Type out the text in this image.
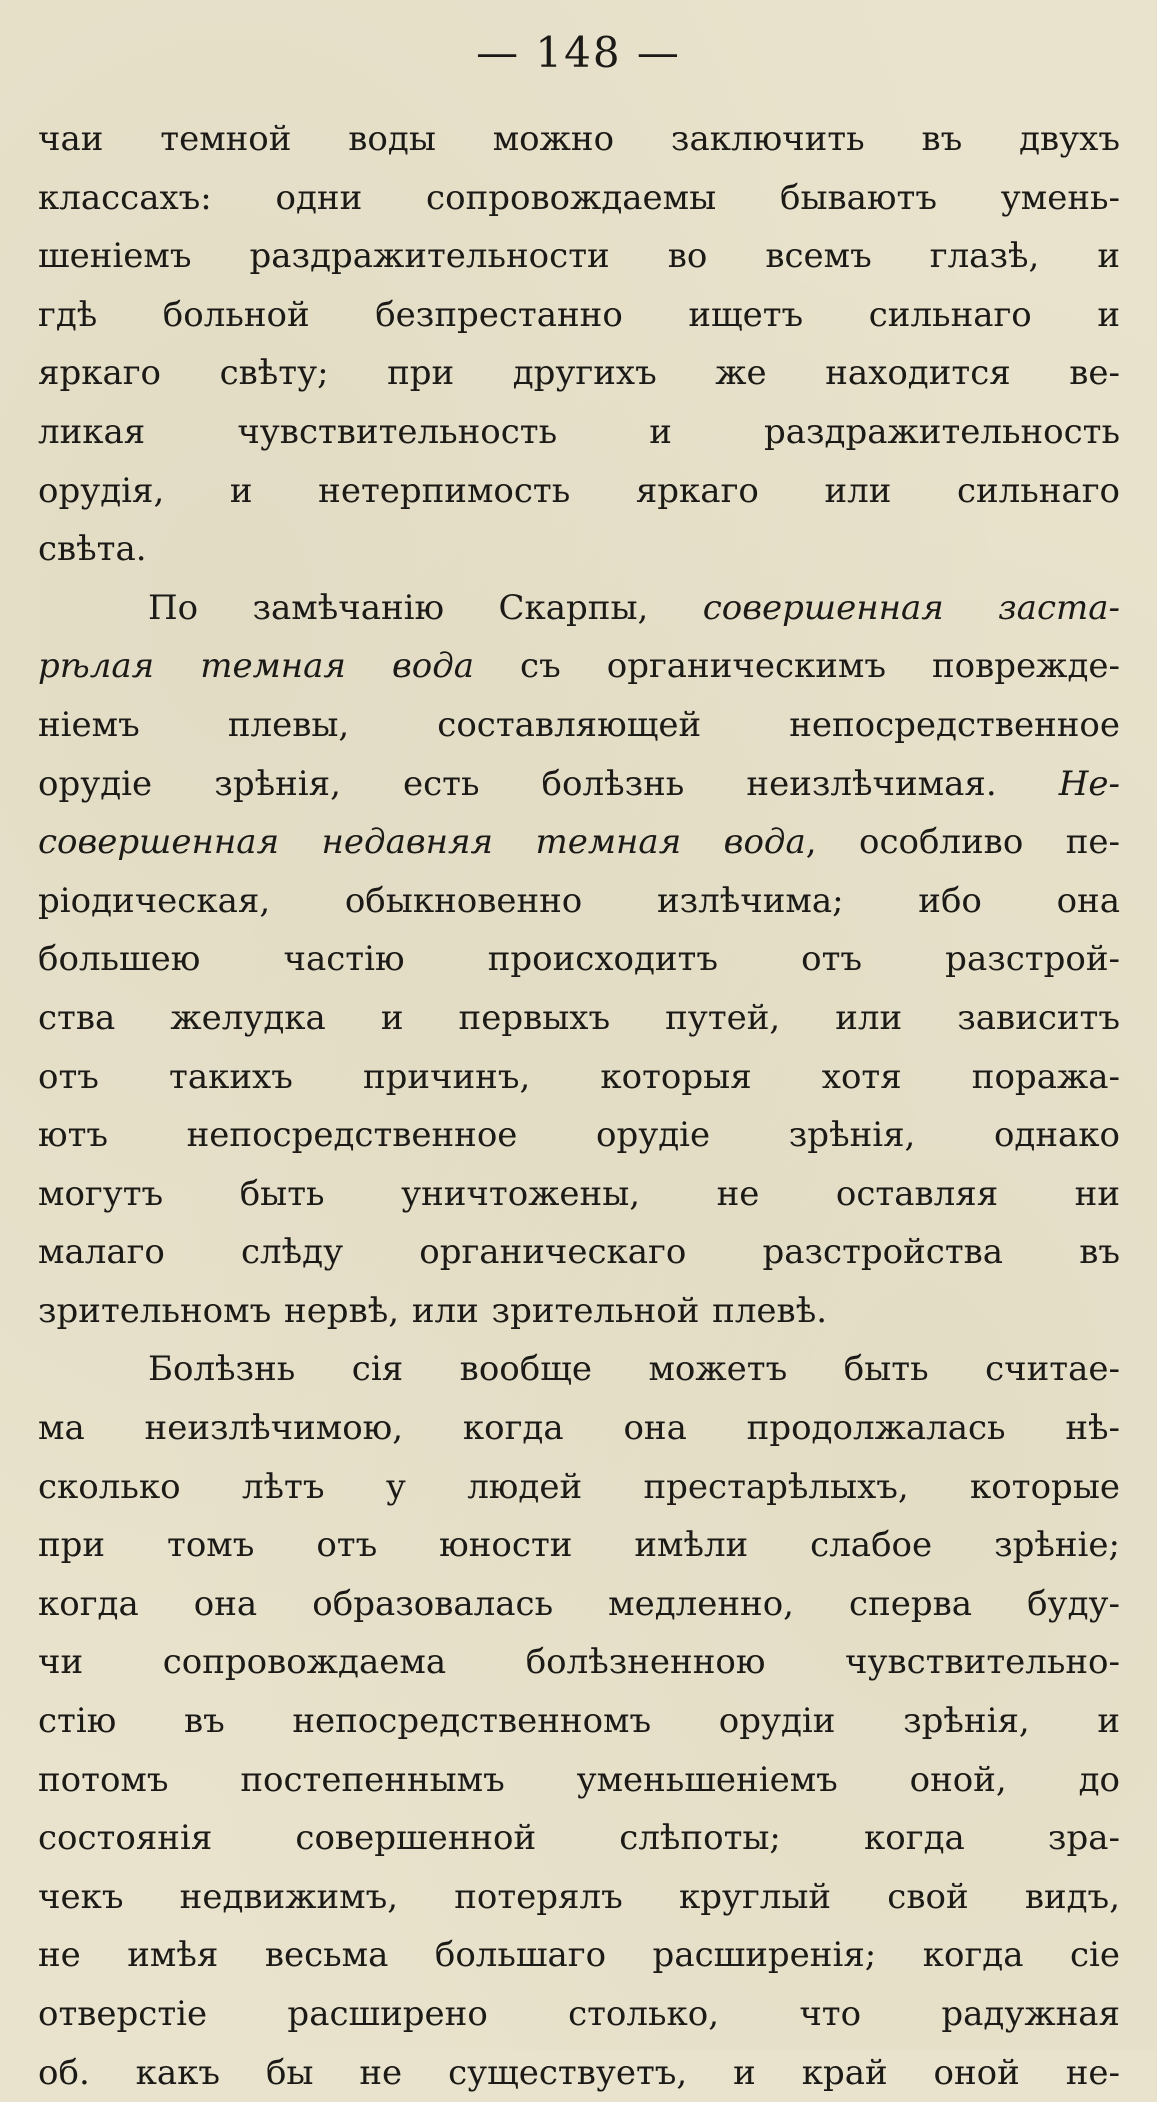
— 148 —
чаи темной воды можно заключить въ двухъ
классахъ: одни сопровождаемы бываютъ умень-
шеніемъ раздражительности во всемъ глазѣ, и
гдѣ больной безпрестанно ищетъ сильнаго и
яркаго свѣту; при другихъ же находится ве-
ликая чувствительность и раздражительность
орудія, и нетерпимость яркаго или сильнаго
свѣта.
По замѣчанію Скарпы, совершенная заста-
рѣлая темная вода съ органическимъ поврежде-
ніемъ плевы, составляющей непосредственное
орудіе зрѣнія, есть болѣзнь неизлѣчимая. Не-
совершенная недавняя темная вода, особливо пе-
ріодическая, обыкновенно излѣчима; ибо она
большею частію происходитъ отъ разстрой-
ства желудка и первыхъ путей, или зависитъ
отъ такихъ причинъ, которыя хотя поража-
ютъ непосредственное орудіе зрѣнія, однако
могутъ быть уничтожены, не оставляя ни
малаго слѣду органическаго разстройства въ
зрительномъ нервѣ, или зрительной плевѣ.
Болѣзнь сія вообще можетъ быть считае-
ма неизлѣчимою, когда она продолжалась нѣ-
сколько лѣтъ у людей престарѣлыхъ, которые
при томъ отъ юности имѣли слабое зрѣніе;
когда она образовалась медленно, сперва буду-
чи сопровождаема болѣзненною чувствительно-
стію въ непосредственномъ орудіи зрѣнія, и
потомъ постепеннымъ уменьшеніемъ оной, до
состоянія совершенной слѣпоты; когда зра-
чекъ недвижимъ, потерялъ круглый свой видъ,
не имѣя весьма большаго расширенія; когда сіе
отверстіе расширено столько, что радужная
об. какъ бы не существуетъ, и край оной не-
